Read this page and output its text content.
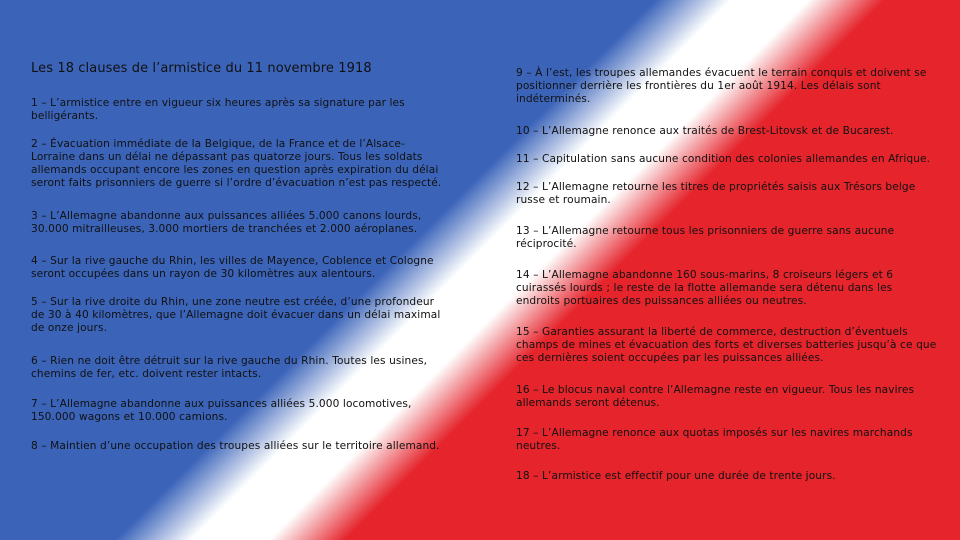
Les 18 clauses de l’armistice du 11 novembre 1918
1 – L’armistice entre en vigueur six heures après sa signature par les
belligérants.
2 – Évacuation immédiate de la Belgique, de la France et de l’Alsace-
Lorraine dans un délai ne dépassant pas quatorze jours. Tous les soldats
allemands occupant encore les zones en question après expiration du délai
seront faits prisonniers de guerre si l’ordre d’évacuation n’est pas respecté.
3 – L’Allemagne abandonne aux puissances alliées 5.000 canons lourds,
30.000 mitrailleuses, 3.000 mortiers de tranchées et 2.000 aéroplanes.
4 – Sur la rive gauche du Rhin, les villes de Mayence, Coblence et Cologne
seront occupées dans un rayon de 30 kilomètres aux alentours.
5 – Sur la rive droite du Rhin, une zone neutre est créée, d’une profondeur
de 30 à 40 kilomètres, que l’Allemagne doit évacuer dans un délai maximal
de onze jours.
6 – Rien ne doit être détruit sur la rive gauche du Rhin. Toutes les usines,
chemins de fer, etc. doivent rester intacts.
7 – L’Allemagne abandonne aux puissances alliées 5.000 locomotives,
150.000 wagons et 10.000 camions.
8 – Maintien d’une occupation des troupes alliées sur le territoire allemand.
9 – À l’est, les troupes allemandes évacuent le terrain conquis et doivent se
positionner derrière les frontières du 1er août 1914. Les délais sont
indéterminés.
10 – L’Allemagne renonce aux traités de Brest-Litovsk et de Bucarest.
11 – Capitulation sans aucune condition des colonies allemandes en Afrique.
12 – L’Allemagne retourne les titres de propriétés saisis aux Trésors belge
russe et roumain.
13 – L’Allemagne retourne tous les prisonniers de guerre sans aucune
réciprocité.
14 – L’Allemagne abandonne 160 sous-marins, 8 croiseurs légers et 6
cuirassés lourds ; le reste de la flotte allemande sera détenu dans les
endroits portuaires des puissances alliées ou neutres.
15 – Garanties assurant la liberté de commerce, destruction d’éventuels
champs de mines et évacuation des forts et diverses batteries jusqu’à ce que
ces dernières soient occupées par les puissances alliées.
16 – Le blocus naval contre l’Allemagne reste en vigueur. Tous les navires
allemands seront détenus.
17 – L’Allemagne renonce aux quotas imposés sur les navires marchands
neutres.
18 – L’armistice est effectif pour une durée de trente jours.
